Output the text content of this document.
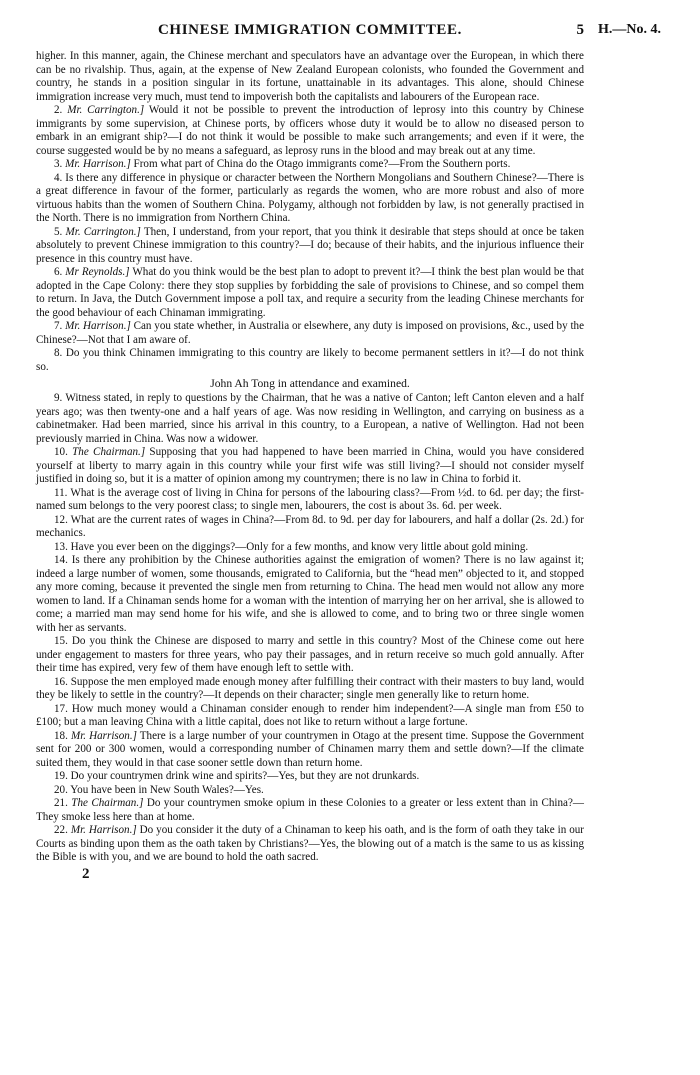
H.—No. 4.
CHINESE IMMIGRATION COMMITTEE.	5

higher. In this manner, again, the Chinese merchant and speculators have an advantage over the European, in which there can be no rivalship. Thus, again, at the expense of New Zealand European colonists, who founded the Government and country, he stands in a position singular in its fortune, unattainable in its advantages. This alone, should Chinese immigration increase very much, must tend to impoverish both the capitalists and labourers of the European race.

2. Mr. Carrington.] Would it not be possible to prevent the introduction of leprosy into this country by Chinese immigrants by some supervision, at Chinese ports, by officers whose duty it would be to allow no diseased person to embark in an emigrant ship?—I do not think it would be possible to make such arrangements; and even if it were, the course suggested would be by no means a safeguard, as leprosy runs in the blood and may break out at any time.

3. Mr. Harrison.] From what part of China do the Otago immigrants come?—From the Southern ports.

4. Is there any difference in physique or character between the Northern Mongolians and Southern Chinese?—There is a great difference in favour of the former, particularly as regards the women, who are more robust and also of more virtuous habits than the women of Southern China. Polygamy, although not forbidden by law, is not generally practised in the North. There is no immigration from Northern China.

5. Mr. Carrington.] Then, I understand, from your report, that you think it desirable that steps should at once be taken absolutely to prevent Chinese immigration to this country?—I do; because of their habits, and the injurious influence their presence in this country must have.

6. Mr Reynolds.] What do you think would be the best plan to adopt to prevent it?—I think the best plan would be that adopted in the Cape Colony: there they stop supplies by forbidding the sale of provisions to Chinese, and so compel them to return. In Java, the Dutch Government impose a poll tax, and require a security from the leading Chinese merchants for the good behaviour of each Chinaman immigrating.

7. Mr. Harrison.] Can you state whether, in Australia or elsewhere, any duty is imposed on provisions, &c., used by the Chinese?—Not that I am aware of.

8. Do you think Chinamen immigrating to this country are likely to become permanent settlers in it?—I do not think so.

John Ah Tong in attendance and examined.

9. Witness stated, in reply to questions by the Chairman, that he was a native of Canton; left Canton eleven and a half years ago; was then twenty-one and a half years of age. Was now residing in Wellington, and carrying on business as a cabinetmaker. Had been married, since his arrival in this country, to a European, a native of Wellington. Had not been previously married in China. Was now a widower.

10. The Chairman.] Supposing that you had happened to have been married in China, would you have considered yourself at liberty to marry again in this country while your first wife was still living?—I should not consider myself justified in doing so, but it is a matter of opinion among my countrymen; there is no law in China to forbid it.

11. What is the average cost of living in China for persons of the labouring class?—From ½d. to 6d. per day; the first-named sum belongs to the very poorest class; to single men, labourers, the cost is about 3s. 6d. per week.

12. What are the current rates of wages in China?—From 8d. to 9d. per day for labourers, and half a dollar (2s. 2d.) for mechanics.

13. Have you ever been on the diggings?—Only for a few months, and know very little about gold mining.

14. Is there any prohibition by the Chinese authorities against the emigration of women? There is no law against it; indeed a large number of women, some thousands, emigrated to California, but the “head men” objected to it, and stopped any more coming, because it prevented the single men from returning to China. The head men would not allow any more women to land. If a Chinaman sends home for a woman with the intention of marrying her on her arrival, she is allowed to come; a married man may send home for his wife, and she is allowed to come, and to bring two or three single women with her as servants.

15. Do you think the Chinese are disposed to marry and settle in this country? Most of the Chinese come out here under engagement to masters for three years, who pay their passages, and in return receive so much gold annually. After their time has expired, very few of them have enough left to settle with.

16. Suppose the men employed made enough money after fulfilling their contract with their masters to buy land, would they be likely to settle in the country?—It depends on their character; single men generally like to return home.

17. How much money would a Chinaman consider enough to render him independent?—A single man from £50 to £100; but a man leaving China with a little capital, does not like to return without a large fortune.

18. Mr. Harrison.] There is a large number of your countrymen in Otago at the present time. Suppose the Government sent for 200 or 300 women, would a corresponding number of Chinamen marry them and settle down?—If the climate suited them, they would in that case sooner settle down than return home.

19. Do your countrymen drink wine and spirits?—Yes, but they are not drunkards.

20. You have been in New South Wales?—Yes.

21. The Chairman.] Do your countrymen smoke opium in these Colonies to a greater or less extent than in China?—They smoke less here than at home.

22. Mr. Harrison.] Do you consider it the duty of a Chinaman to keep his oath, and is the form of oath they take in our Courts as binding upon them as the oath taken by Christians?—Yes, the blowing out of a match is the same to us as kissing the Bible is with you, and we are bound to hold the oath sacred.

2
